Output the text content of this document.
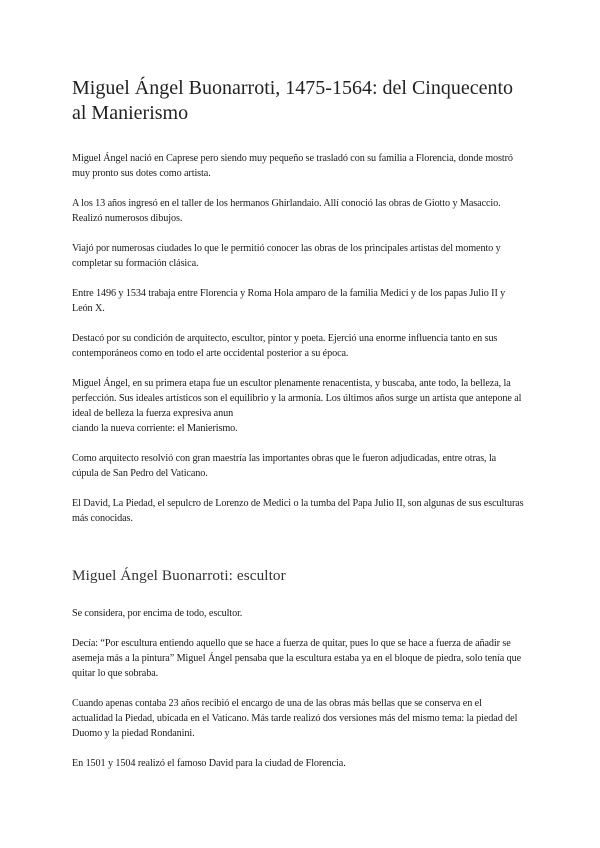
Miguel Ángel Buonarroti, 1475-1564: del Cinquecento al Manierismo

Miguel Ángel nació en Caprese pero siendo muy pequeño se trasladó con su familia a Florencia, donde mostró muy pronto sus dotes como artista.

A los 13 años ingresó en el taller de los hermanos Ghirlandaio. Allí conoció las obras de Giotto y Masaccio. Realizó numerosos dibujos.

Viajó por numerosas ciudades lo que le permitió conocer las obras de los principales artistas del momento y completar su formación clásica.

Entre 1496 y 1534 trabaja entre Florencia y Roma Hola amparo de la familia Medici y de los papas Julio II y León X.

Destacó por su condición de arquitecto, escultor, pintor y poeta. Ejerció una enorme influencia tanto en sus contemporáneos como en todo el arte occidental posterior a su época.

Miguel Ángel, en su primera etapa fue un escultor plenamente renacentista, y buscaba, ante todo, la belleza, la perfección. Sus ideales artísticos son el equilibrio y la armonía. Los últimos años surge un artista que antepone al ideal de belleza la fuerza expresiva anun
ciando la nueva corriente: el Manierismo.

Como arquitecto resolvió con gran maestría las importantes obras que le fueron adjudicadas, entre otras, la cúpula de San Pedro del Vaticano.

El David, La Piedad, el sepulcro de Lorenzo de Medici o la tumba del Papa Julio II, son algunas de sus esculturas más conocidas.

Miguel Ángel Buonarroti: escultor

Se considera, por encima de todo, escultor.

Decía: “Por escultura entiendo aquello que se hace a fuerza de quitar, pues lo que se hace a fuerza de añadir se asemeja más a la pintura” Miguel Ángel pensaba que la escultura estaba ya en el bloque de piedra, solo tenía que quitar lo que sobraba.

Cuando apenas contaba 23 años recibió el encargo de una de las obras más bellas que se conserva en el actualidad la Piedad, ubicada en el Vaticano. Más tarde realizó dos versiones más del mismo tema: la piedad del Duomo y la piedad Rondanini.

En 1501 y 1504 realizó el famoso David para la ciudad de Florencia.
